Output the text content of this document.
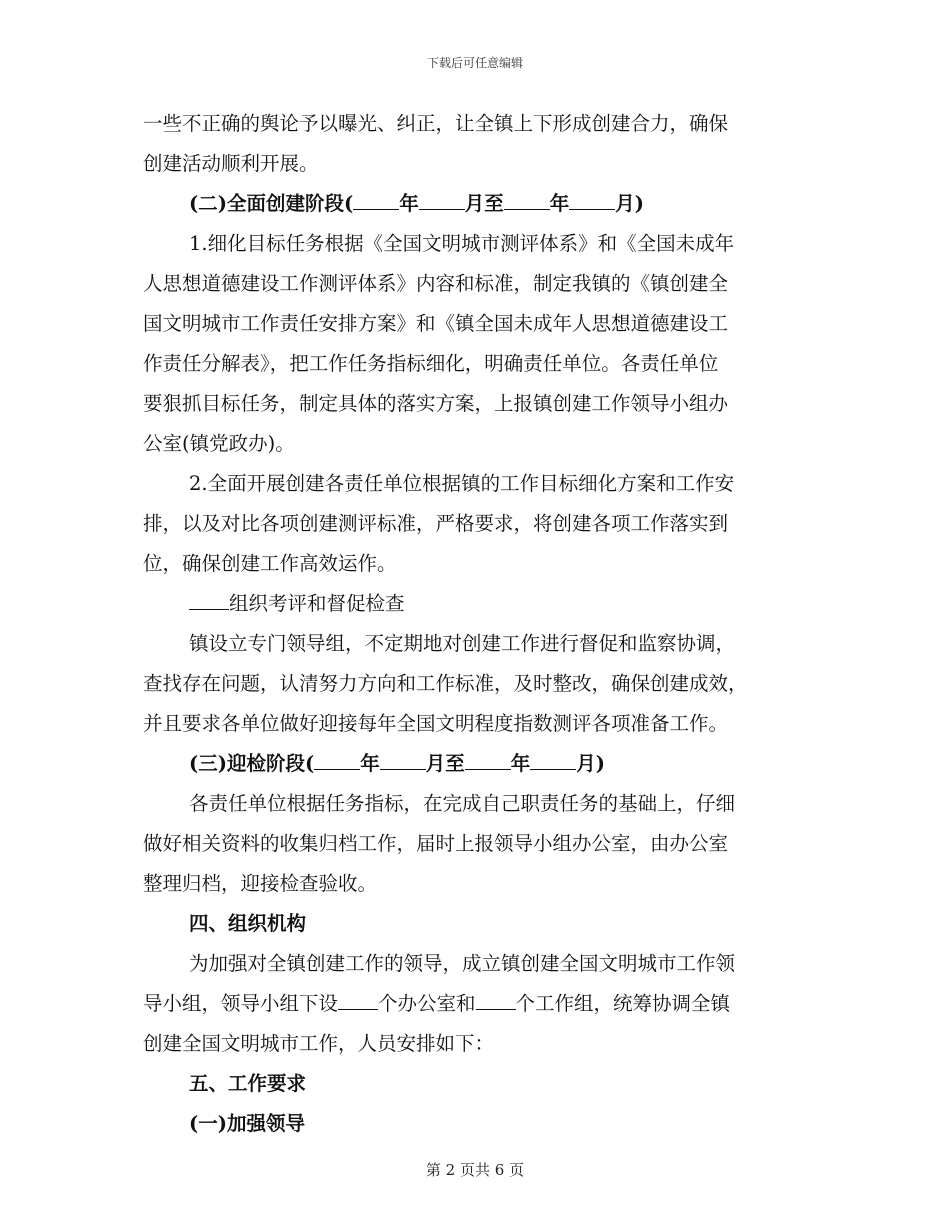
下载后可任意编辑
一些不正确的舆论予以曝光、纠正，让全镇上下形成创建合力，确保
创建活动顺利开展。
(二)全面创建阶段( 年 月至 年 月)
1.细化目标任务根据《全国文明城市测评体系》和《全国未成年
人思想道德建设工作测评体系》内容和标准，制定我镇的《镇创建全
国文明城市工作责任安排方案》和《镇全国未成年人思想道德建设工
作责任分解表》，把工作任务指标细化，明确责任单位。各责任单位
要狠抓目标任务，制定具体的落实方案，上报镇创建工作领导小组办
公室(镇党政办)。
2.全面开展创建各责任单位根据镇的工作目标细化方案和工作安
排，以及对比各项创建测评标准，严格要求，将创建各项工作落实到
位，确保创建工作高效运作。
组织考评和督促检查
镇设立专门领导组，不定期地对创建工作进行督促和监察协调，
查找存在问题，认清努力方向和工作标准，及时整改，确保创建成效，
并且要求各单位做好迎接每年全国文明程度指数测评各项准备工作。
(三)迎检阶段( 年 月至 年 月)
各责任单位根据任务指标，在完成自己职责任务的基础上，仔细
做好相关资料的收集归档工作，届时上报领导小组办公室，由办公室
整理归档，迎接检查验收。
四、组织机构
为加强对全镇创建工作的领导，成立镇创建全国文明城市工作领
导小组，领导小组下设 个办公室和 个工作组，统筹协调全镇
创建全国文明城市工作，人员安排如下：
五、工作要求
(一)加强领导
第 2 页共 6 页
